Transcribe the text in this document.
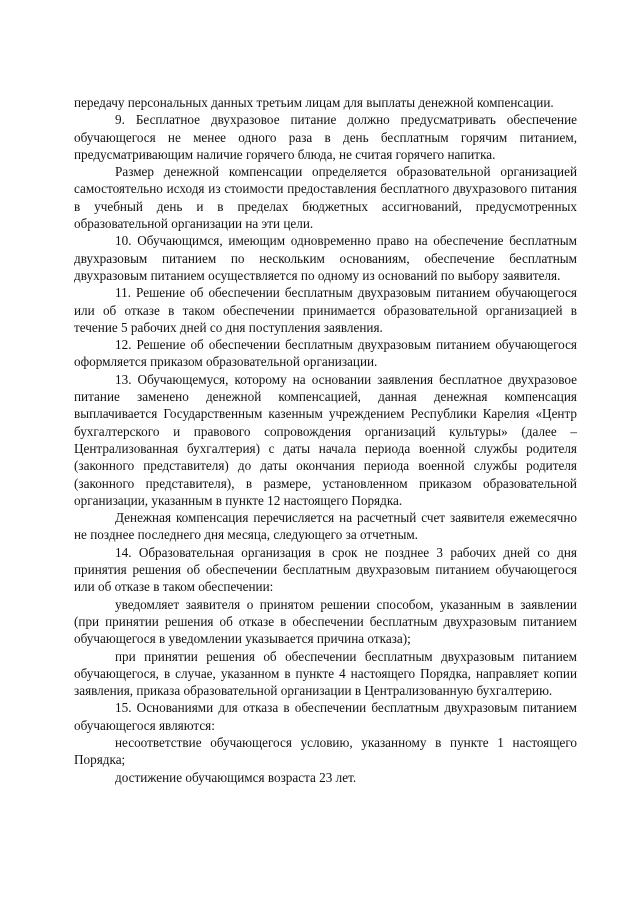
передачу персональных данных третьим лицам для выплаты денежной компенсации.

9. Бесплатное двухразовое питание должно предусматривать обеспечение обучающегося не менее одного раза в день бесплатным горячим питанием, предусматривающим наличие горячего блюда, не считая горячего напитка.

Размер денежной компенсации определяется образовательной организацией самостоятельно исходя из стоимости предоставления бесплатного двухразового питания в учебный день и в пределах бюджетных ассигнований, предусмотренных образовательной организации на эти цели.

10. Обучающимся, имеющим одновременно право на обеспечение бесплатным двухразовым питанием по нескольким основаниям, обеспечение бесплатным двухразовым питанием осуществляется по одному из оснований по выбору заявителя.

11. Решение об обеспечении бесплатным двухразовым питанием обучающегося или об отказе в таком обеспечении принимается образовательной организацией в течение 5 рабочих дней со дня поступления заявления.

12. Решение об обеспечении бесплатным двухразовым питанием обучающегося оформляется приказом образовательной организации.

13. Обучающемуся, которому на основании заявления бесплатное двухразовое питание заменено денежной компенсацией, данная денежная компенсация выплачивается Государственным казенным учреждением Республики Карелия «Центр бухгалтерского и правового сопровождения организаций культуры» (далее – Централизованная бухгалтерия) с даты начала периода военной службы родителя (законного представителя) до даты окончания периода военной службы родителя (законного представителя), в размере, установленном приказом образовательной организации, указанным в пункте 12 настоящего Порядка.

Денежная компенсация перечисляется на расчетный счет заявителя ежемесячно не позднее последнего дня месяца, следующего за отчетным.

14. Образовательная организация в срок не позднее 3 рабочих дней со дня принятия решения об обеспечении бесплатным двухразовым питанием обучающегося или об отказе в таком обеспечении:

уведомляет заявителя о принятом решении способом, указанным в заявлении (при принятии решения об отказе в обеспечении бесплатным двухразовым питанием обучающегося в уведомлении указывается причина отказа);

при принятии решения об обеспечении бесплатным двухразовым питанием обучающегося, в случае, указанном в пункте 4 настоящего Порядка, направляет копии заявления, приказа образовательной организации в Централизованную бухгалтерию.

15. Основаниями для отказа в обеспечении бесплатным двухразовым питанием обучающегося являются:

несоответствие обучающегося условию, указанному в пункте 1 настоящего Порядка;

достижение обучающимся возраста 23 лет.
